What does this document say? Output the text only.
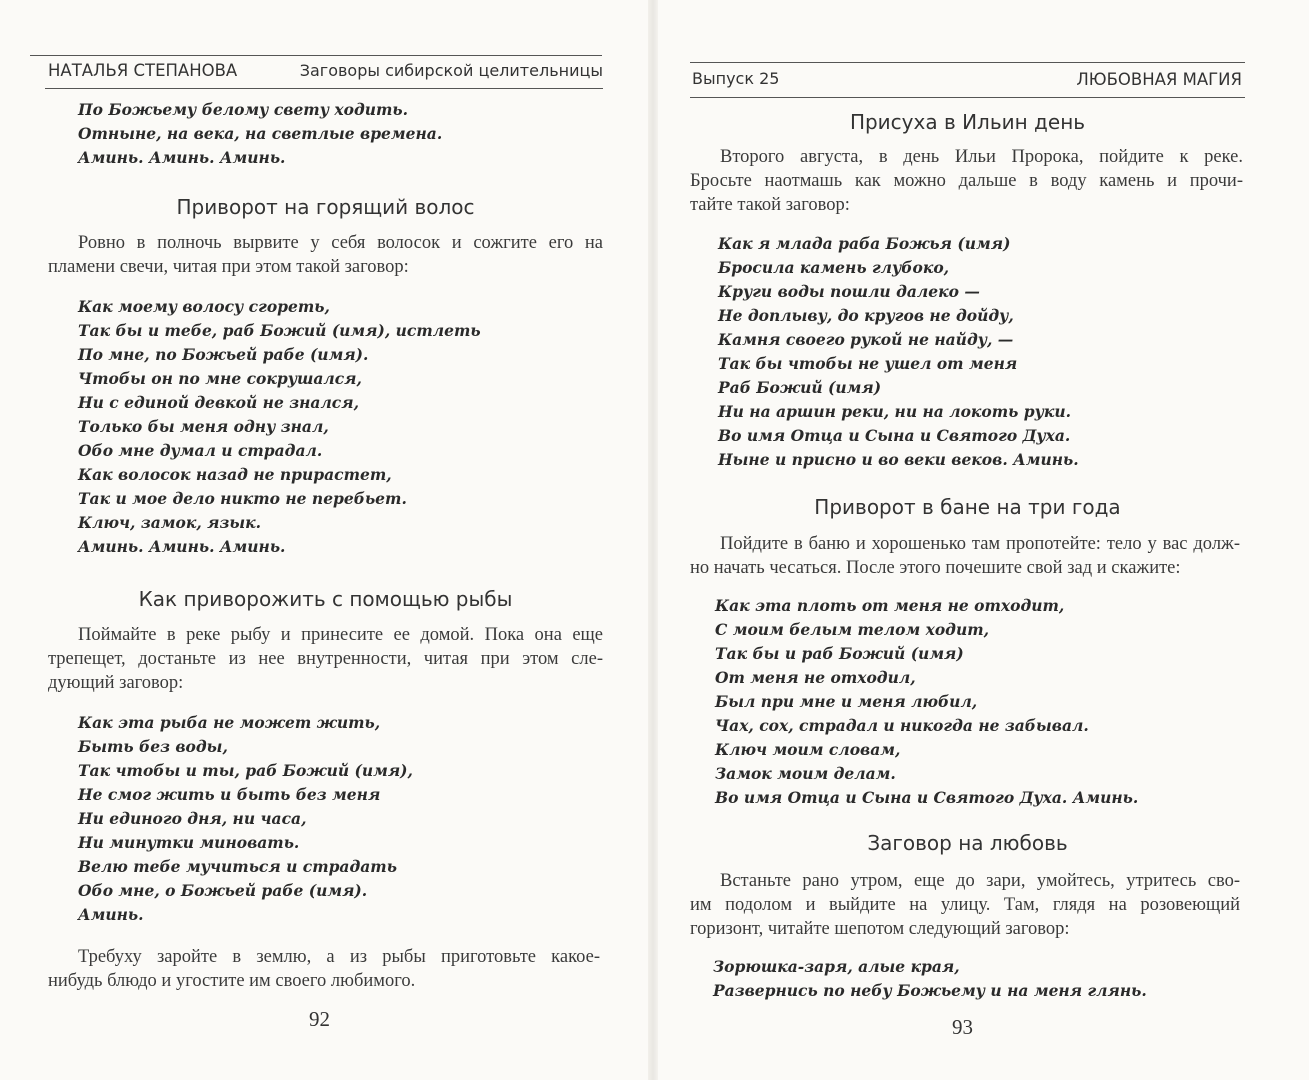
НАТАЛЬЯ СТЕПАНОВА	Заговоры сибирской целительницы
По Божьему белому свету ходить.
Отныне, на века, на светлые времена.
Аминь. Аминь. Аминь.
Приворот на горящий волос
Ровно в полночь вырвите у себя волосок и сожгите его на
пламени свечи, читая при этом такой заговор:
Как моему волосу сгореть,
Так бы и тебе, раб Божий (имя), истлеть
По мне, по Божьей рабе (имя).
Чтобы он по мне сокрушался,
Ни с единой девкой не знался,
Только бы меня одну знал,
Обо мне думал и страдал.
Как волосок назад не прирастет,
Так и мое дело никто не перебьет.
Ключ, замок, язык.
Аминь. Аминь. Аминь.
Как приворожить с помощью рыбы
Поймайте в реке рыбу и принесите ее домой. Пока она еще
трепещет, достаньте из нее внутренности, читая при этом сле-
дующий заговор:
Как эта рыба не может жить,
Быть без воды,
Так чтобы и ты, раб Божий (имя),
Не смог жить и быть без меня
Ни единого дня, ни часа,
Ни минутки миновать.
Велю тебе мучиться и страдать
Обо мне, о Божьей рабе (имя).
Аминь.
Требуху заройте в землю, а из рыбы приготовьте какое-
нибудь блюдо и угостите им своего любимого.
92
Выпуск 25	ЛЮБОВНАЯ МАГИЯ
Присуха в Ильин день
Второго августа, в день Ильи Пророка, пойдите к реке.
Бросьте наотмашь как можно дальше в воду камень и прочи-
тайте такой заговор:
Как я млада раба Божья (имя)
Бросила камень глубоко,
Круги воды пошли далеко —
Не доплыву, до кругов не дойду,
Камня своего рукой не найду, —
Так бы чтобы не ушел от меня
Раб Божий (имя)
Ни на аршин реки, ни на локоть руки.
Во имя Отца и Сына и Святого Духа.
Ныне и присно и во веки веков. Аминь.
Приворот в бане на три года
Пойдите в баню и хорошенько там пропотейте: тело у вас долж-
но начать чесаться. После этого почешите свой зад и скажите:
Как эта плоть от меня не отходит,
С моим белым телом ходит,
Так бы и раб Божий (имя)
От меня не отходил,
Был при мне и меня любил,
Чах, сох, страдал и никогда не забывал.
Ключ моим словам,
Замок моим делам.
Во имя Отца и Сына и Святого Духа. Аминь.
Заговор на любовь
Встаньте рано утром, еще до зари, умойтесь, утритесь сво-
им подолом и выйдите на улицу. Там, глядя на розовеющий
горизонт, читайте шепотом следующий заговор:
Зорюшка-заря, алые края,
Развернись по небу Божьему и на меня глянь.
93
